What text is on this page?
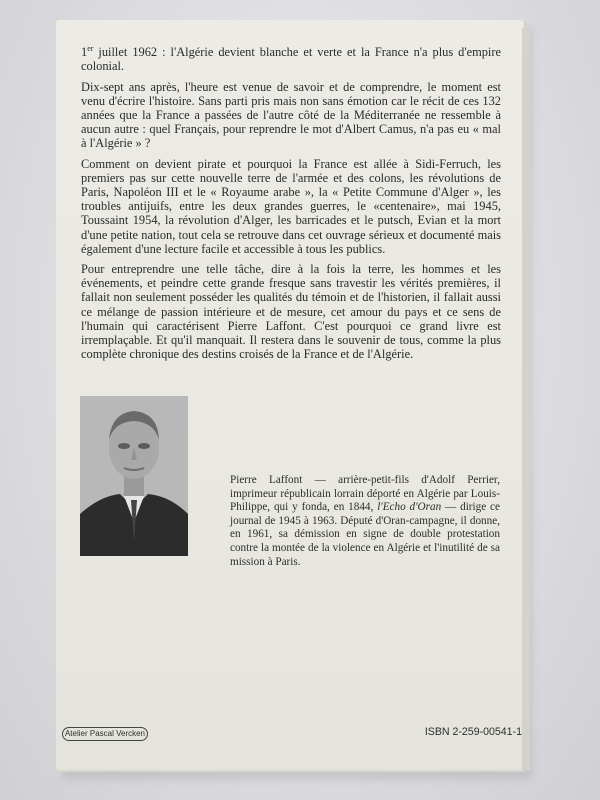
1er juillet 1962 : l'Algérie devient blanche et verte et la France n'a plus d'empire colonial.

Dix-sept ans après, l'heure est venue de savoir et de comprendre, le moment est venu d'écrire l'histoire. Sans parti pris mais non sans émotion car le récit de ces 132 années que la France a passées de l'autre côté de la Méditerranée ne ressemble à aucun autre : quel Français, pour reprendre le mot d'Albert Camus, n'a pas eu « mal à l'Algérie » ?

Comment on devient pirate et pourquoi la France est allée à Sidi-Ferruch, les premiers pas sur cette nouvelle terre de l'armée et des colons, les révolutions de Paris, Napoléon III et le « Royaume arabe », la « Petite Commune d'Alger », les troubles antijuifs, entre les deux grandes guerres, le «centenaire», mai 1945, Toussaint 1954, la révolution d'Alger, les barricades et le putsch, Evian et la mort d'une petite nation, tout cela se retrouve dans cet ouvrage sérieux et documenté mais également d'une lecture facile et accessible à tous les publics.

Pour entreprendre une telle tâche, dire à la fois la terre, les hommes et les événements, et peindre cette grande fresque sans travestir les vérités premières, il fallait non seulement posséder les qualités du témoin et de l'historien, il fallait aussi ce mélange de passion intérieure et de mesure, cet amour du pays et ce sens de l'humain qui caractérisent Pierre Laffont. C'est pourquoi ce grand livre est irremplaçable. Et qu'il manquait. Il restera dans le souvenir de tous, comme la plus complète chronique des destins croisés de la France et de l'Algérie.

Pierre Laffont — arrière-petit-fils d'Adolf Perrier, imprimeur républicain lorrain déporté en Algérie par Louis-Philippe, qui y fonda, en 1844, l'Echo d'Oran — dirige ce journal de 1945 à 1963. Député d'Oran-campagne, il donne, en 1961, sa démission en signe de double protestation contre la montée de la violence en Algérie et l'inutilité de sa mission à Paris.
Atelier Pascal Vercken	ISBN 2-259-00541-1
